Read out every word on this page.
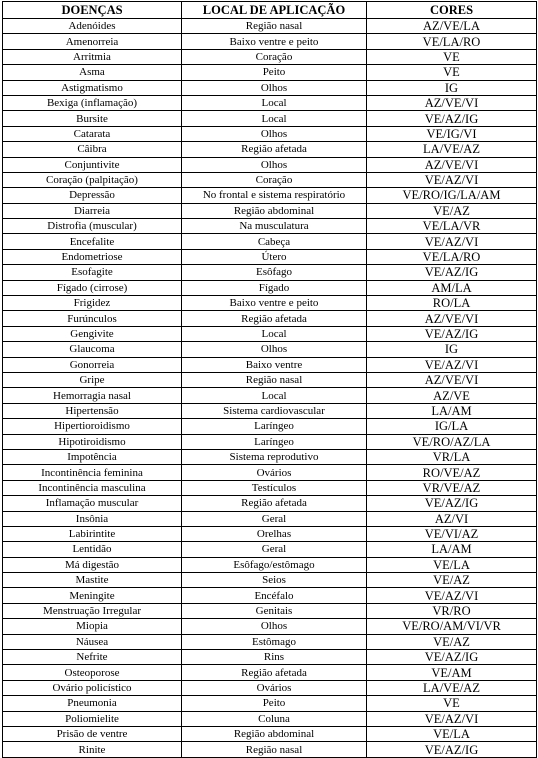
DOENÇAS	LOCAL DE APLICAÇÃO	CORES
Adenóides	Região nasal	AZ/VE/LA
Amenorreia	Baixo ventre e peito	VE/LA/RO
Arritmia	Coração	VE
Asma	Peito	VE
Astigmatismo	Olhos	IG
Bexiga (inflamação)	Local	AZ/VE/VI
Bursite	Local	VE/AZ/IG
Catarata	Olhos	VE/IG/VI
Câibra	Região afetada	LA/VE/AZ
Conjuntivite	Olhos	AZ/VE/VI
Coração (palpitação)	Coração	VE/AZ/VI
Depressão	No frontal e sistema respiratório	VE/RO/IG/LA/AM
Diarreia	Região abdominal	VE/AZ
Distrofia (muscular)	Na musculatura	VE/LA/VR
Encefalite	Cabeça	VE/AZ/VI
Endometriose	Útero	VE/LA/RO
Esofagite	Esôfago	VE/AZ/IG
Fígado (cirrose)	Fígado	AM/LA
Frigidez	Baixo ventre e peito	RO/LA
Furúnculos	Região afetada	AZ/VE/VI
Gengivite	Local	VE/AZ/IG
Glaucoma	Olhos	IG
Gonorreia	Baixo ventre	VE/AZ/VI
Gripe	Região nasal	AZ/VE/VI
Hemorragia nasal	Local	AZ/VE
Hipertensão	Sistema cardiovascular	LA/AM
Hipertioroidismo	Laríngeo	IG/LA
Hipotiroidismo	Laríngeo	VE/RO/AZ/LA
Impotência	Sistema reprodutivo	VR/LA
Incontinência feminina	Ovários	RO/VE/AZ
Incontinência masculina	Testículos	VR/VE/AZ
Inflamação muscular	Região afetada	VE/AZ/IG
Insônia	Geral	AZ/VI
Labirintite	Orelhas	VE/VI/AZ
Lentidão	Geral	LA/AM
Má digestão	Esôfago/estômago	VE/LA
Mastite	Seios	VE/AZ
Meningite	Encéfalo	VE/AZ/VI
Menstruação Irregular	Genitais	VR/RO
Miopia	Olhos	VE/RO/AM/VI/VR
Náusea	Estômago	VE/AZ
Nefrite	Rins	VE/AZ/IG
Osteoporose	Região afetada	VE/AM
Ovário policístico	Ovários	LA/VE/AZ
Pneumonia	Peito	VE
Poliomielite	Coluna	VE/AZ/VI
Prisão de ventre	Região abdominal	VE/LA
Rinite	Região nasal	VE/AZ/IG
